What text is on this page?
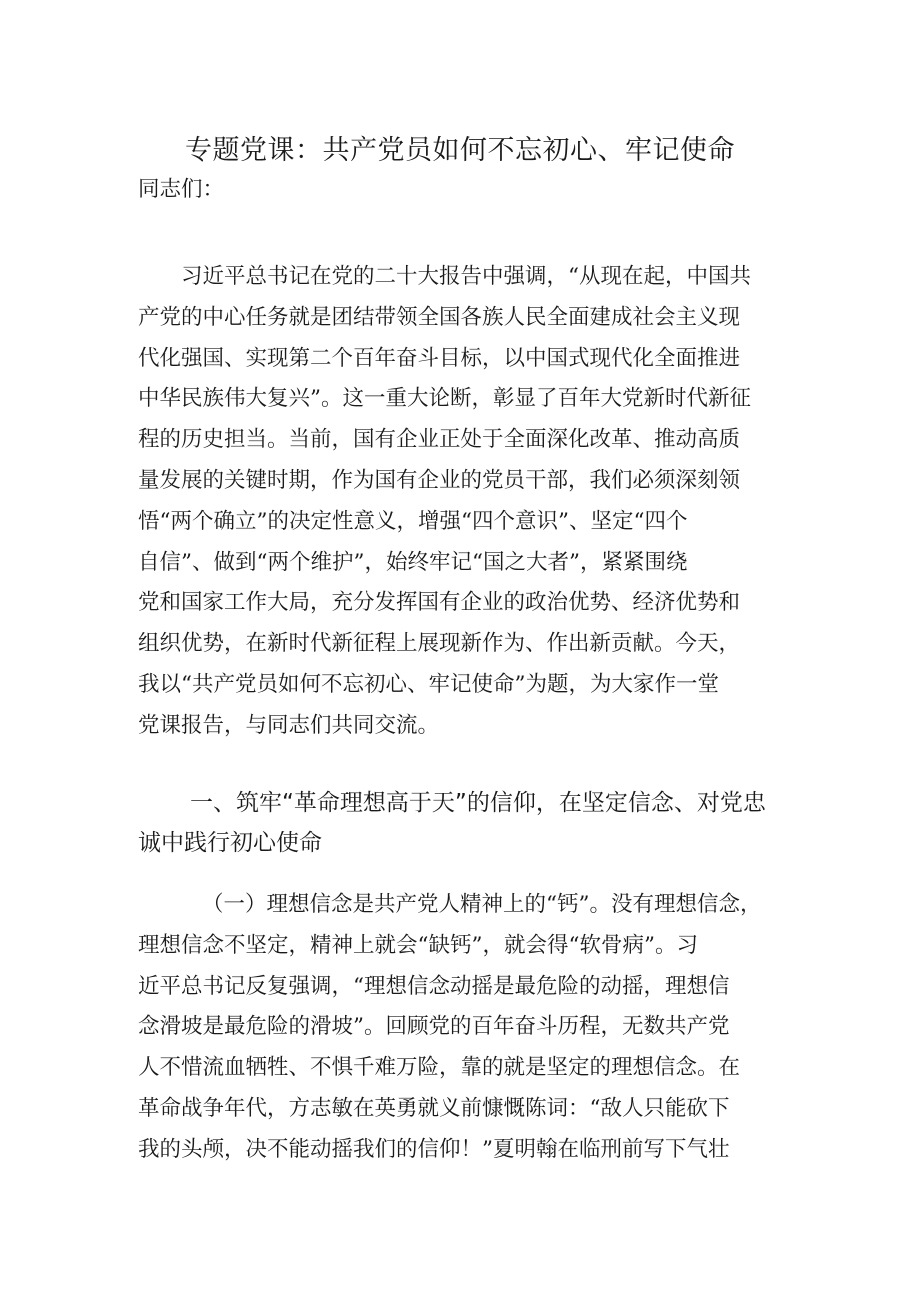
专题党课：共产党员如何不忘初心、牢记使命

同志们：

习近平总书记在党的二十大报告中强调，“从现在起，中国共
产党的中心任务就是团结带领全国各族人民全面建成社会主义现
代化强国、实现第二个百年奋斗目标，以中国式现代化全面推进
中华民族伟大复兴”。这一重大论断，彰显了百年大党新时代新征
程的历史担当。当前，国有企业正处于全面深化改革、推动高质
量发展的关键时期，作为国有企业的党员干部，我们必须深刻领
悟“两个确立”的决定性意义，增强“四个意识”、坚定“四个
自信”、做到“两个维护”，始终牢记“国之大者”，紧紧围绕
党和国家工作大局，充分发挥国有企业的政治优势、经济优势和
组织优势，在新时代新征程上展现新作为、作出新贡献。今天，
我以“共产党员如何不忘初心、牢记使命”为题，为大家作一堂
党课报告，与同志们共同交流。
一、筑牢“革命理想高于天”的信仰，在坚定信念、对党忠
诚中践行初心使命
（一）理想信念是共产党人精神上的“钙”。没有理想信念，
理想信念不坚定，精神上就会“缺钙”，就会得“软骨病”。习
近平总书记反复强调，“理想信念动摇是最危险的动摇，理想信
念滑坡是最危险的滑坡”。回顾党的百年奋斗历程，无数共产党
人不惜流血牺牲、不惧千难万险，靠的就是坚定的理想信念。在
革命战争年代，方志敏在英勇就义前慷慨陈词：“敌人只能砍下
我的头颅，决不能动摇我们的信仰！”夏明翰在临刑前写下气壮
